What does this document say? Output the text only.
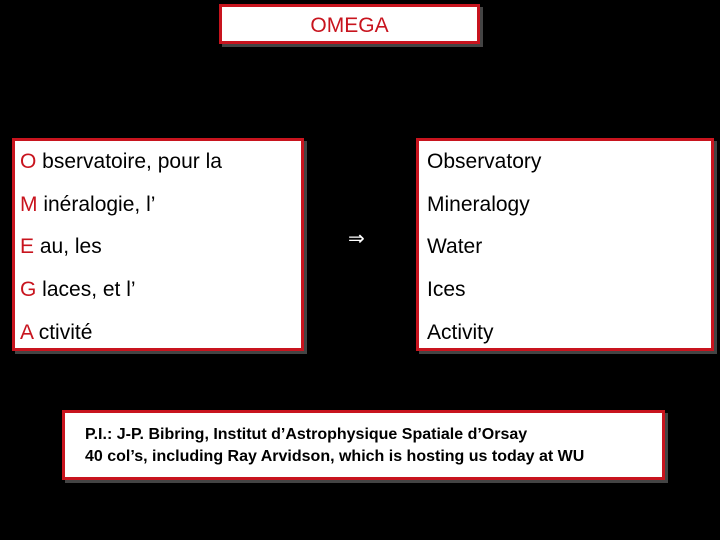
OMEGA
O bservatoire, pour la
M inéralogie, l’
E au, les
G laces, et l’
A ctivité
⇒
Observatory
Mineralogy
Water
Ices
Activity
P.I.: J-P. Bibring, Institut d’Astrophysique Spatiale d’Orsay
40 col’s, including Ray Arvidson, which is hosting us today at WU
